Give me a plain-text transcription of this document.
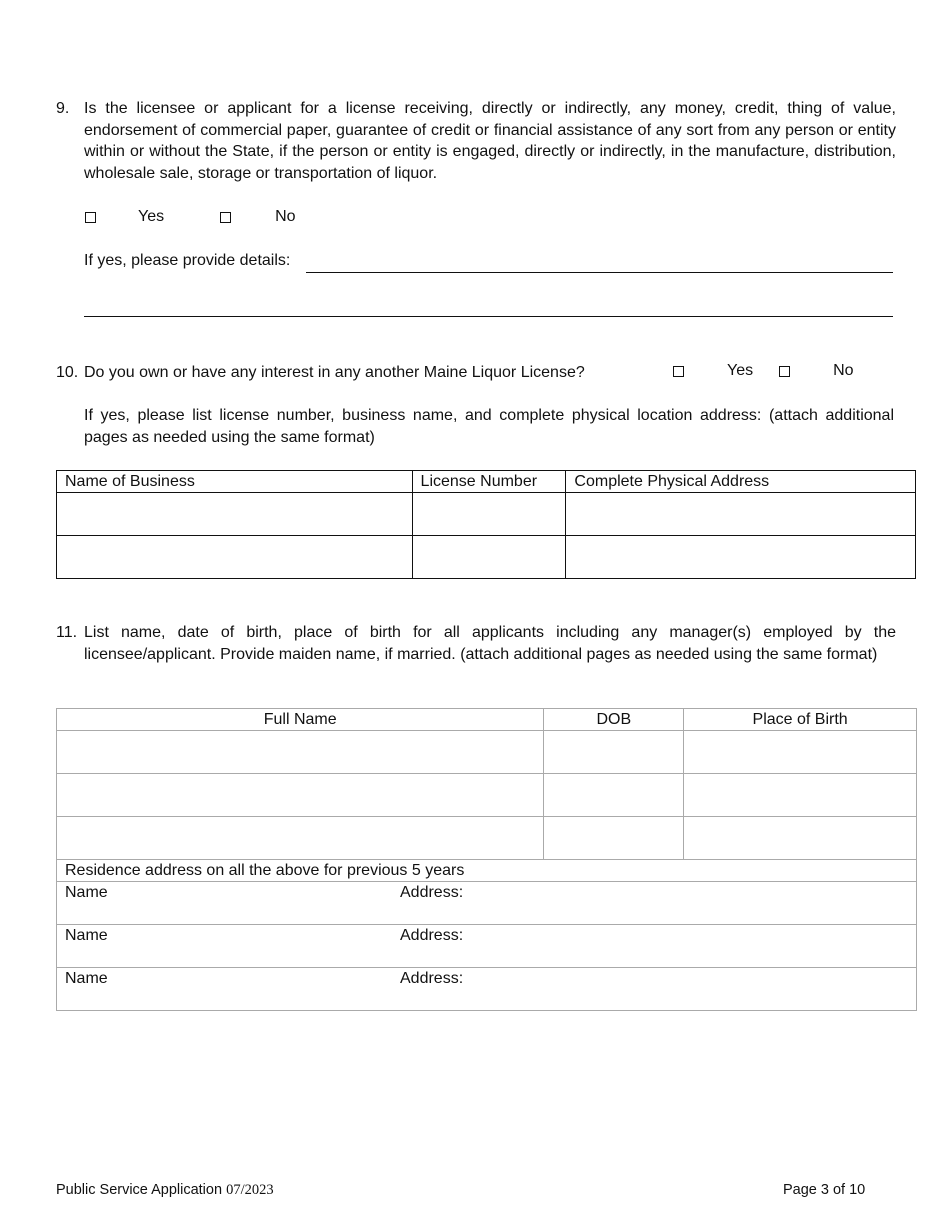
9. Is the licensee or applicant for a license receiving, directly or indirectly, any money, credit, thing of value, endorsement of commercial paper, guarantee of credit or financial assistance of any sort from any person or entity within or without the State, if the person or entity is engaged, directly or indirectly, in the manufacture, distribution, wholesale sale, storage or transportation of liquor.
Yes	No
If yes, please provide details:
10. Do you own or have any interest in any another Maine Liquor License?	Yes	No
If yes, please list license number, business name, and complete physical location address: (attach additional pages as needed using the same format)
Name of Business	License Number	Complete Physical Address

11. List name, date of birth, place of birth for all applicants including any manager(s) employed by the licensee/applicant. Provide maiden name, if married. (attach additional pages as needed using the same format)
Full Name	DOB	Place of Birth

Residence address on all the above for previous 5 years		
Name Address:		

Name Address:		

Name Address:		
Public Service Application 07/2023	Page 3 of 10
